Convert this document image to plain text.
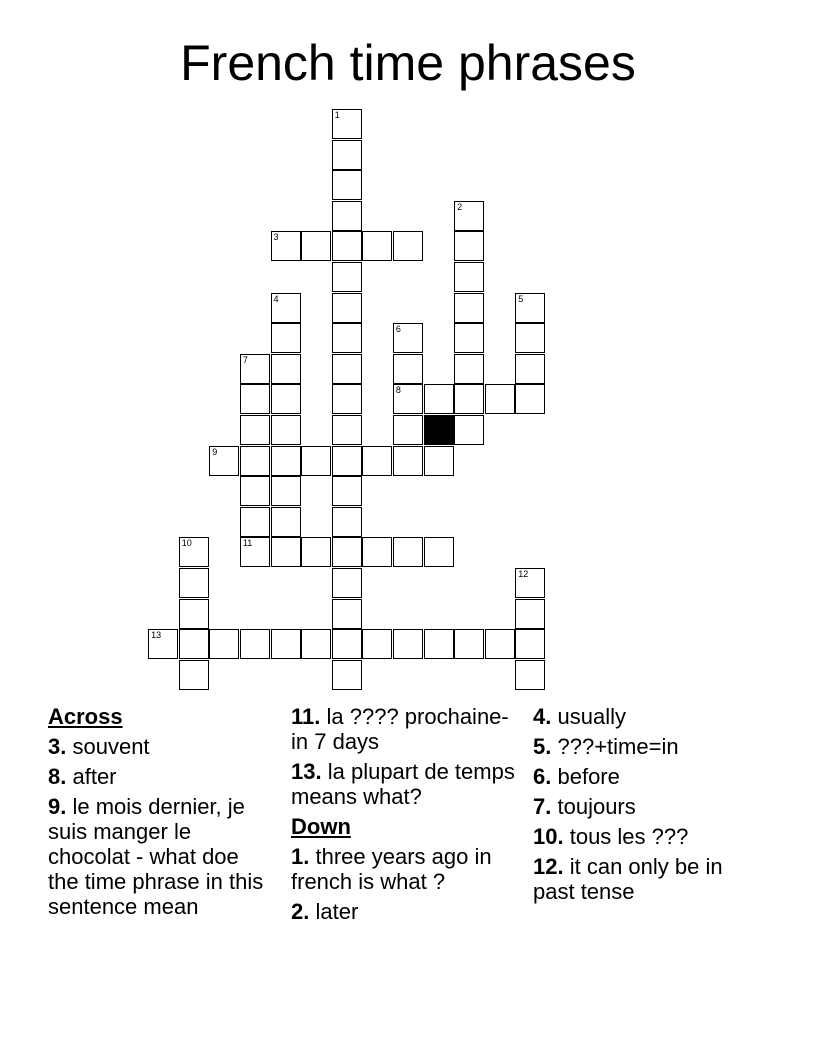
French time phrases
1
2
3
4	5
6
8
7
9
10	11
12
13
Across
3. souvent
8. after
9. le mois dernier, je suis manger le chocolat - what doe the time phrase in this sentence mean
11. la ???? prochaine- in 7 days
13. la plupart de temps means what?
Down
1. three years ago in french is what ?
2. later
4. usually
5. ???+time=in
6. before
7. toujours
10. tous les ???
12. it can only be in past tense
